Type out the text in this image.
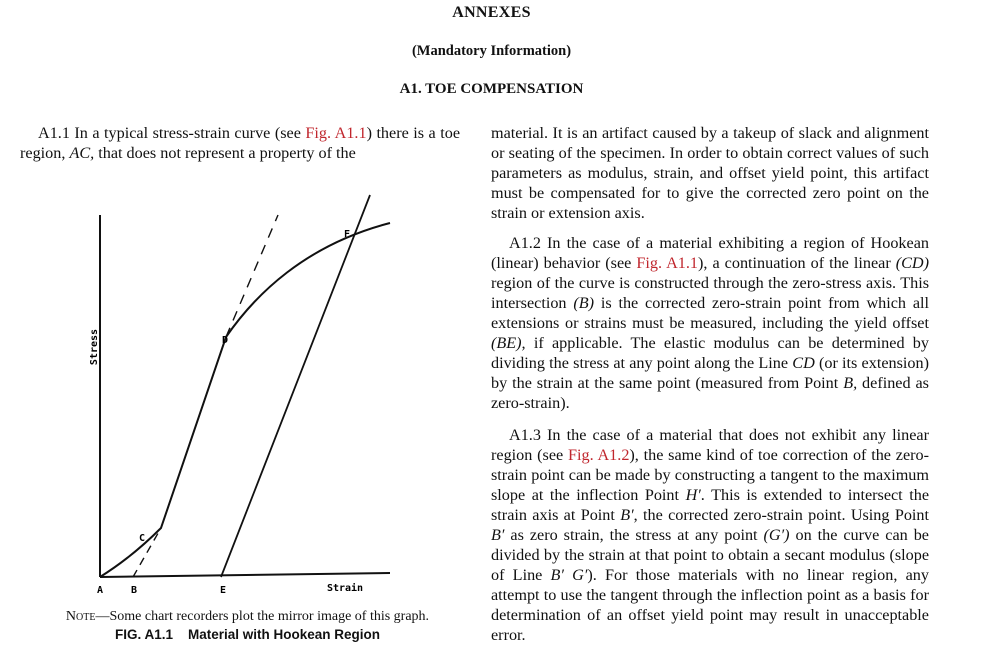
ANNEXES
(Mandatory Information)
A1. TOE COMPENSATION

A1.1 In a typical stress-strain curve (see Fig. A1.1) there is a toe region, AC, that does not represent a property of the

material. It is an artifact caused by a takeup of slack and alignment or seating of the specimen. In order to obtain correct values of such parameters as modulus, strain, and offset yield point, this artifact must be compensated for to give the corrected zero point on the strain or extension axis.

A1.2 In the case of a material exhibiting a region of Hookean (linear) behavior (see Fig. A1.1), a continuation of the linear (CD) region of the curve is constructed through the zero-stress axis. This intersection (B) is the corrected zero-strain point from which all extensions or strains must be measured, including the yield offset (BE), if applicable. The elastic modulus can be determined by dividing the stress at any point along the Line CD (or its extension) by the strain at the same point (measured from Point B, defined as zero-strain).

A1.3 In the case of a material that does not exhibit any linear region (see Fig. A1.2), the same kind of toe correction of the zero-strain point can be made by constructing a tangent to the maximum slope at the inflection Point H′. This is extended to intersect the strain axis at Point B′, the corrected zero-strain point. Using Point B′ as zero strain, the stress at any point (G′) on the curve can be divided by the strain at that point to obtain a secant modulus (slope of Line B′ G′). For those materials with no linear region, any attempt to use the tangent through the inflection point as a basis for determination of an offset yield point may result in unacceptable error.

Stress
A	B
C
D
E
F
Strain
Note—Some chart recorders plot the mirror image of this graph.
FIG. A1.1 Material with Hookean Region
